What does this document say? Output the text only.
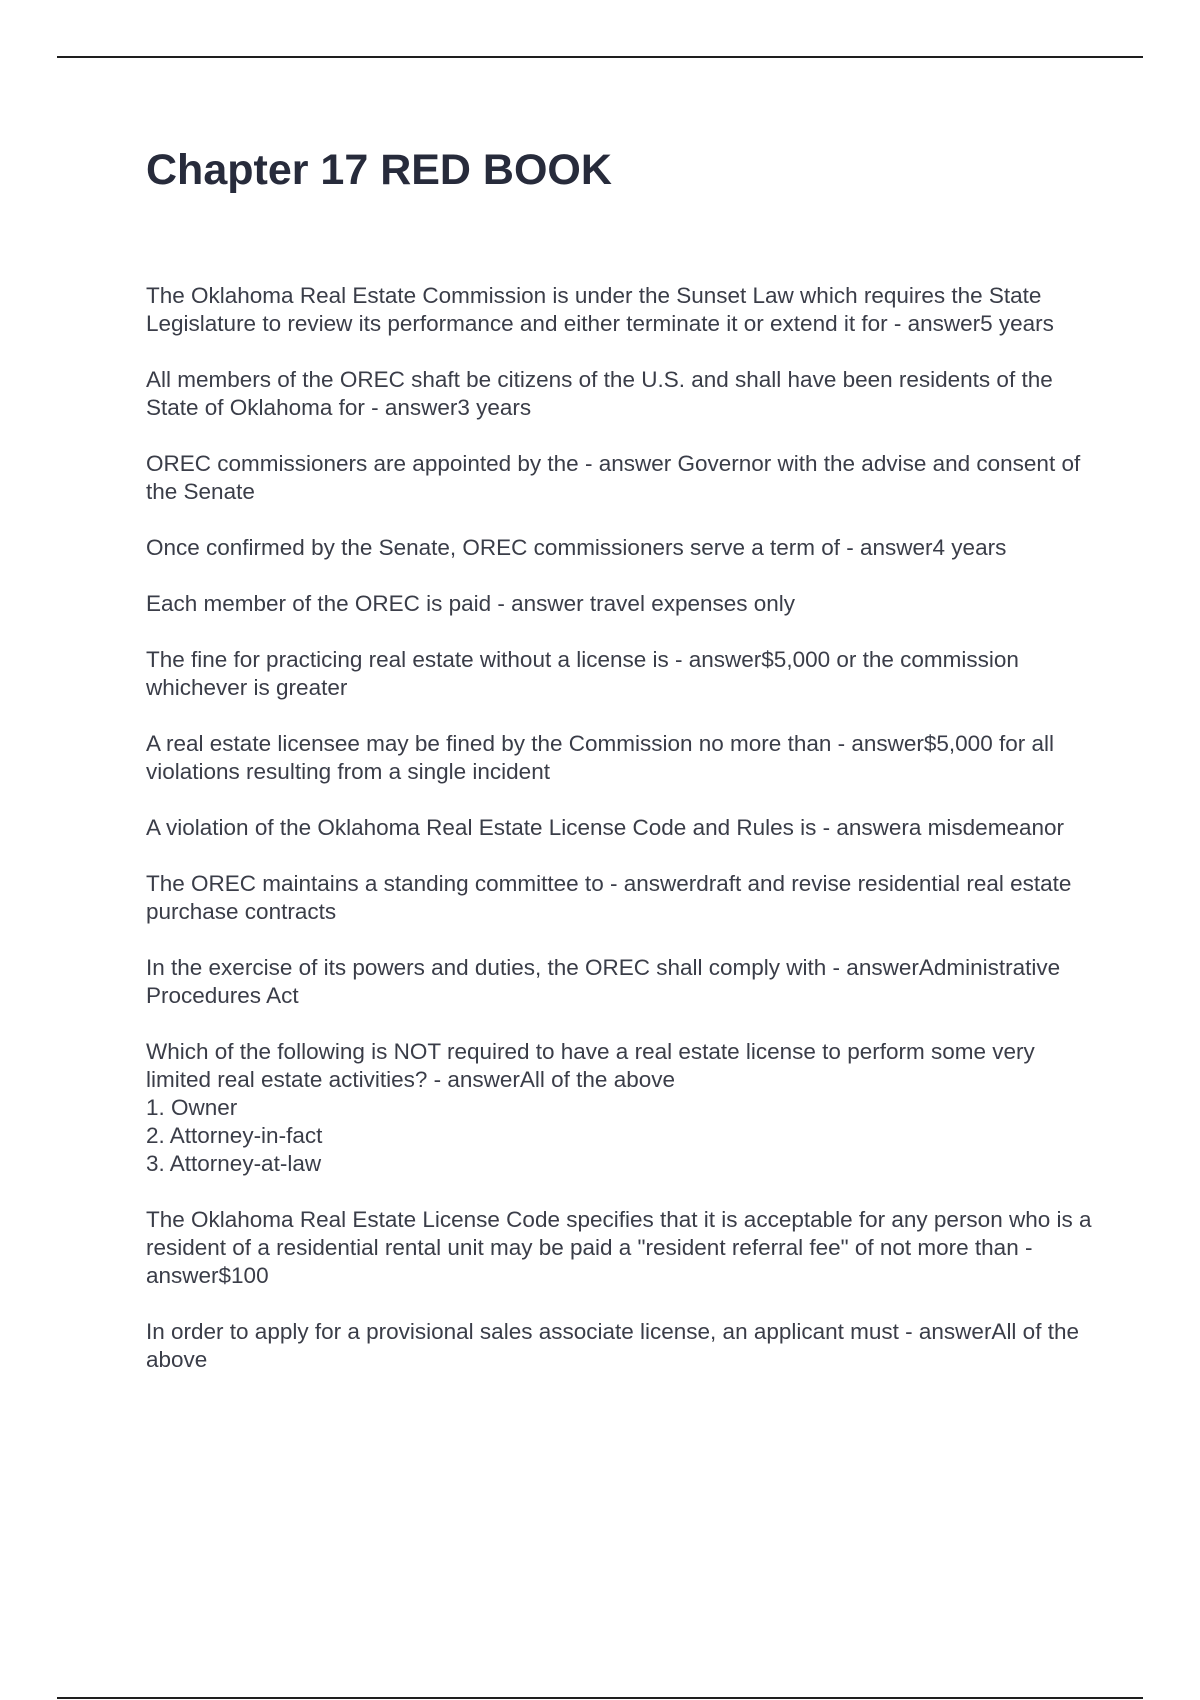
Chapter 17 RED BOOK
The Oklahoma Real Estate Commission is under the Sunset Law which requires the State Legislature to review its performance and either terminate it or extend it for - answer5 years
All members of the OREC shaft be citizens of the U.S. and shall have been residents of the State of Oklahoma for - answer3 years
OREC commissioners are appointed by the - answer Governor with the advise and consent of the Senate
Once confirmed by the Senate, OREC commissioners serve a term of - answer4 years
Each member of the OREC is paid - answer travel expenses only
The fine for practicing real estate without a license is - answer$5,000 or the commission whichever is greater
A real estate licensee may be fined by the Commission no more than - answer$5,000 for all violations resulting from a single incident
A violation of the Oklahoma Real Estate License Code and Rules is - answera misdemeanor
The OREC maintains a standing committee to - answerdraft and revise residential real estate purchase contracts
In the exercise of its powers and duties, the OREC shall comply with - answerAdministrative Procedures Act
Which of the following is NOT required to have a real estate license to perform some very limited real estate activities? - answerAll of the above
1. Owner
2. Attorney-in-fact
3. Attorney-at-law
The Oklahoma Real Estate License Code specifies that it is acceptable for any person who is a resident of a residential rental unit may be paid a "resident referral fee" of not more than - answer$100
In order to apply for a provisional sales associate license, an applicant must - answerAll of the above
